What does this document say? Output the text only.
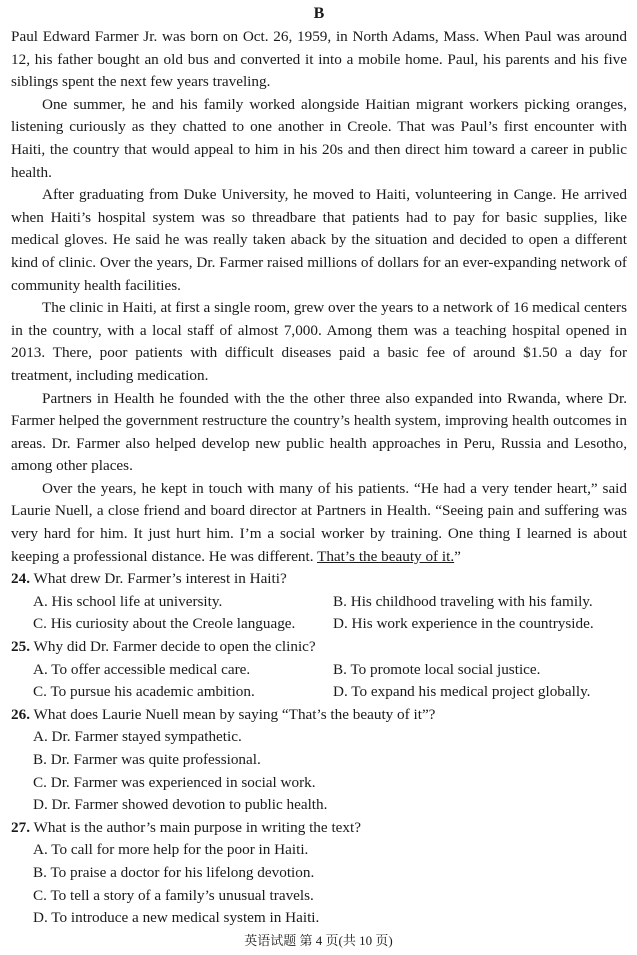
B

Paul Edward Farmer Jr. was born on Oct. 26, 1959, in North Adams, Mass. When Paul was around 12, his father bought an old bus and converted it into a mobile home. Paul, his parents and his five siblings spent the next few years traveling.

One summer, he and his family worked alongside Haitian migrant workers picking oranges, listening curiously as they chatted to one another in Creole. That was Paul’s first encounter with Haiti, the country that would appeal to him in his 20s and then direct him toward a career in public health.

After graduating from Duke University, he moved to Haiti, volunteering in Cange. He arrived when Haiti’s hospital system was so threadbare that patients had to pay for basic supplies, like medical gloves. He said he was really taken aback by the situation and decided to open a different kind of clinic. Over the years, Dr. Farmer raised millions of dollars for an ever-expanding network of community health facilities.

The clinic in Haiti, at first a single room, grew over the years to a network of 16 medical centers in the country, with a local staff of almost 7,000. Among them was a teaching hospital opened in 2013. There, poor patients with difficult diseases paid a basic fee of around $1.50 a day for treatment, including medication.

Partners in Health he founded with the the other three also expanded into Rwanda, where Dr. Farmer helped the government restructure the country’s health system, improving health outcomes in areas. Dr. Farmer also helped develop new public health approaches in Peru, Russia and Lesotho, among other places.

Over the years, he kept in touch with many of his patients. “He had a very tender heart,” said Laurie Nuell, a close friend and board director at Partners in Health. “Seeing pain and suffering was very hard for him. It just hurt him. I’m a social worker by training. One thing I learned is about keeping a professional distance. He was different. That’s the beauty of it.”

24. What drew Dr. Farmer’s interest in Haiti?

A. His school life at university.	B. His childhood traveling with his family.

C. His curiosity about the Creole language.	D. His work experience in the countryside.

25. Why did Dr. Farmer decide to open the clinic?

A. To offer accessible medical care.	B. To promote local social justice.

C. To pursue his academic ambition.	D. To expand his medical project globally.

26. What does Laurie Nuell mean by saying “That’s the beauty of it”?

A. Dr. Farmer stayed sympathetic.

B. Dr. Farmer was quite professional.

C. Dr. Farmer was experienced in social work.

D. Dr. Farmer showed devotion to public health.

27. What is the author’s main purpose in writing the text?

A. To call for more help for the poor in Haiti.

B. To praise a doctor for his lifelong devotion.

C. To tell a story of a family’s unusual travels.

D. To introduce a new medical system in Haiti.

英语试题 第 4 页(共 10 页)
